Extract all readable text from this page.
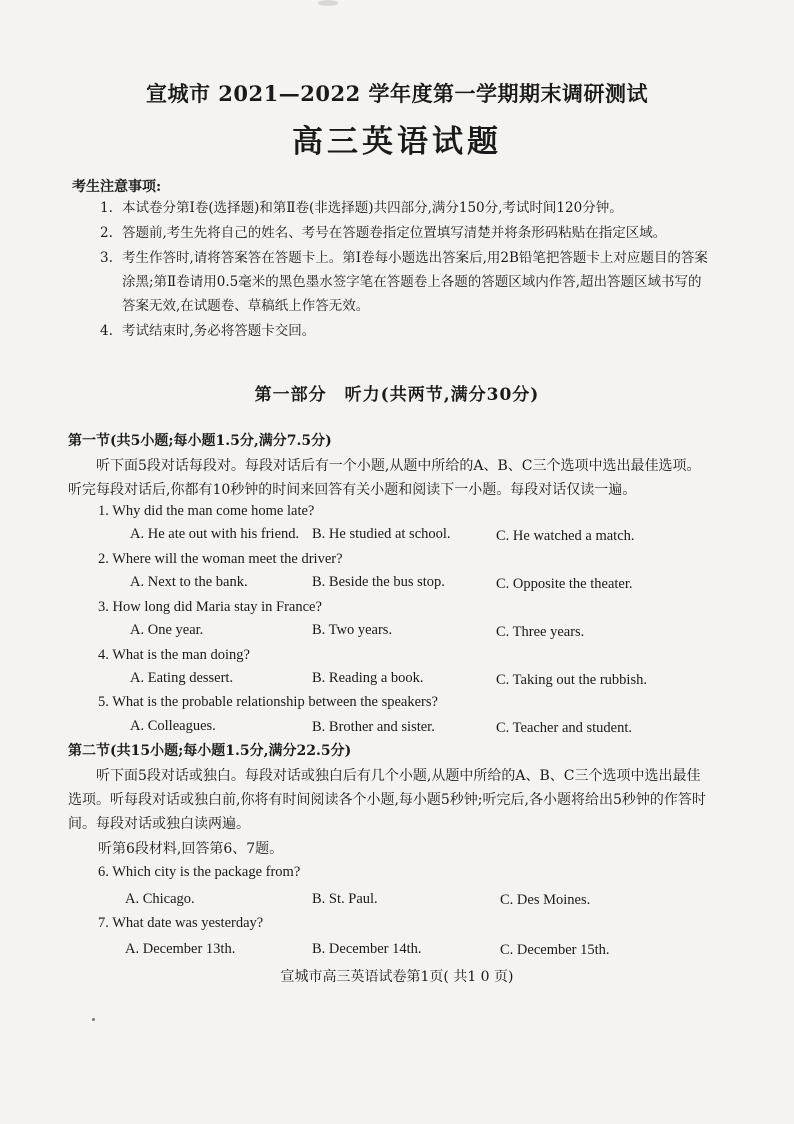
宣城市 2021—2022 学年度第一学期期末调研测试
高三英语试题
考生注意事项:
1. 本试卷分第Ⅰ卷(选择题)和第Ⅱ卷(非选择题)共四部分,满分150分,考试时间120分钟。
2. 答题前,考生先将自己的姓名、考号在答题卷指定位置填写清楚并将条形码粘贴在指定区域。
3. 考生作答时,请将答案答在答题卡上。第Ⅰ卷每小题选出答案后,用2B铅笔把答题卡上对应题目的答案涂黑;第Ⅱ卷请用0.5毫米的黑色墨水签字笔在答题卷上各题的答题区域内作答,超出答题区域书写的答案无效,在试题卷、草稿纸上作答无效。
4. 考试结束时,务必将答题卡交回。
第一部分　听力(共两节,满分30分)
第一节(共5小题;每小题1.5分,满分7.5分)
听下面5段对话每段对。每段对话后有一个小题,从题中所给的A、B、C三个选项中选出最佳选项。听完每段对话后,你都有10秒钟的时间来回答有关小题和阅读下一小题。每段对话仅读一遍。
1. Why did the man come home late?
A. He ate out with his friend. B. He studied at school.	C. He watched a match.
2. Where will the woman meet the driver?
A. Next to the bank.	B. Beside the bus stop.	C. Opposite the theater.
3. How long did Maria stay in France?
A. One year.	B. Two years.	C. Three years.
4. What is the man doing?
A. Eating dessert.	B. Reading a book.	C. Taking out the rubbish.
5. What is the probable relationship between the speakers?
A. Colleagues.	B. Brother and sister.	C. Teacher and student.
第二节(共15小题;每小题1.5分,满分22.5分)
听下面5段对话或独白。每段对话或独白后有几个小题,从题中所给的A、B、C三个选项中选出最佳选项。听每段对话或独白前,你将有时间阅读各个小题,每小题5秒钟;听完后,各小题将给出5秒钟的作答时间。每段对话或独白读两遍。
听第6段材料,回答第6、7题。
6. Which city is the package from?
A. Chicago.	B. St. Paul.	C. Des Moines.
7. What date was yesterday?
A. December 13th.	B. December 14th.	C. December 15th.
宣城市高三英语试卷第1页( 共1 0 页)
